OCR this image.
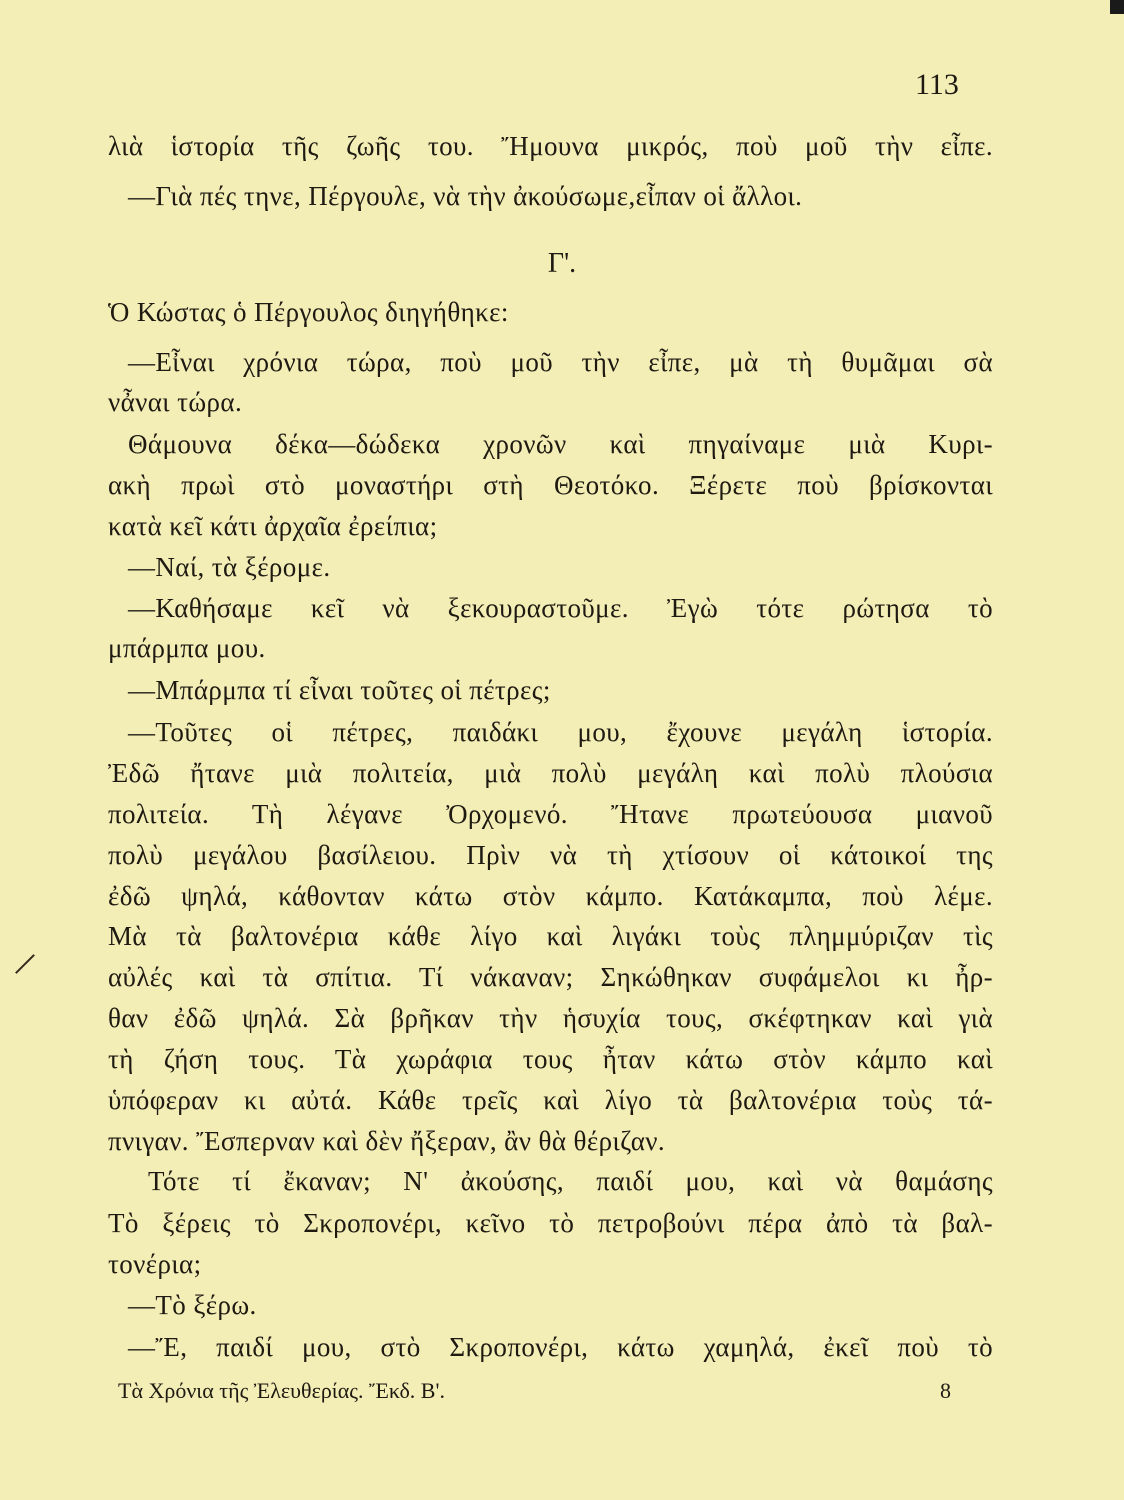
113
λιὰ ἱστορία τῆς ζωῆς του. Ἤμουνα μικρός, ποὺ μοῦ τὴν εἶπε.
—Γιὰ πές τηνε, Πέργουλε, νὰ τὴν ἀκούσωμε,εἶπαν οἱ ἄλλοι.
Γ'.
Ὁ Κώστας ὁ Πέργουλος διηγήθηκε:
—Εἶναι χρόνια τώρα, ποὺ μοῦ τὴν εἶπε, μὰ τὴ θυμᾶμαι σὰ
νἆναι τώρα.
Θάμουνα δέκα—δώδεκα χρονῶν καὶ πηγαίναμε μιὰ Κυρι-
ακὴ πρωὶ στὸ μοναστήρι στὴ Θεοτόκο. Ξέρετε ποὺ βρίσκονται
κατὰ κεῖ κάτι ἀρχαῖα ἐρείπια;
—Ναί, τὰ ξέρομε.
—Καθήσαμε κεῖ νὰ ξεκουραστοῦμε. Ἐγὼ τότε ρώτησα τὸ
μπάρμπα μου.
—Μπάρμπα τί εἶναι τοῦτες οἱ πέτρες;
—Τοῦτες οἱ πέτρες, παιδάκι μου, ἔχουνε μεγάλη ἱστορία.
Ἐδῶ ἤτανε μιὰ πολιτεία, μιὰ πολὺ μεγάλη καὶ πολὺ πλούσια
πολιτεία. Τὴ λέγανε Ὀρχομενό. Ἤτανε πρωτεύουσα μιανοῦ
πολὺ μεγάλου βασίλειου. Πρὶν νὰ τὴ χτίσουν οἱ κάτοικοί της
ἐδῶ ψηλά, κάθονταν κάτω στὸν κάμπο. Κατάκαμπα, ποὺ λέμε.
Μὰ τὰ βαλτονέρια κάθε λίγο καὶ λιγάκι τοὺς πλημμύριζαν τὶς
αὐλές καὶ τὰ σπίτια. Τί νάκαναν; Σηκώθηκαν συφάμελοι κι ἦρ-
θαν ἐδῶ ψηλά. Σὰ βρῆκαν τὴν ἡσυχία τους, σκέφτηκαν καὶ γιὰ
τὴ ζήση τους. Τὰ χωράφια τους ἦταν κάτω στὸν κάμπο καὶ
ὑπόφεραν κι αὐτά. Κάθε τρεῖς καὶ λίγο τὰ βαλτονέρια τοὺς τά-
πνιγαν. Ἔσπερναν καὶ δὲν ἤξεραν, ἂν θὰ θέριζαν.
Τότε τί ἔκαναν; Ν' ἀκούσης, παιδί μου, καὶ νὰ θαμάσης
Τὸ ξέρεις τὸ Σκροπονέρι, κεῖνο τὸ πετροβούνι πέρα ἀπὸ τὰ βαλ-
τονέρια;
—Τὸ ξέρω.
—Ἔ, παιδί μου, στὸ Σκροπονέρι, κάτω χαμηλά, ἐκεῖ ποὺ τὸ
Τὰ Χρόνια τῆς Ἐλευθερίας. Ἔκδ. Β'.	8
